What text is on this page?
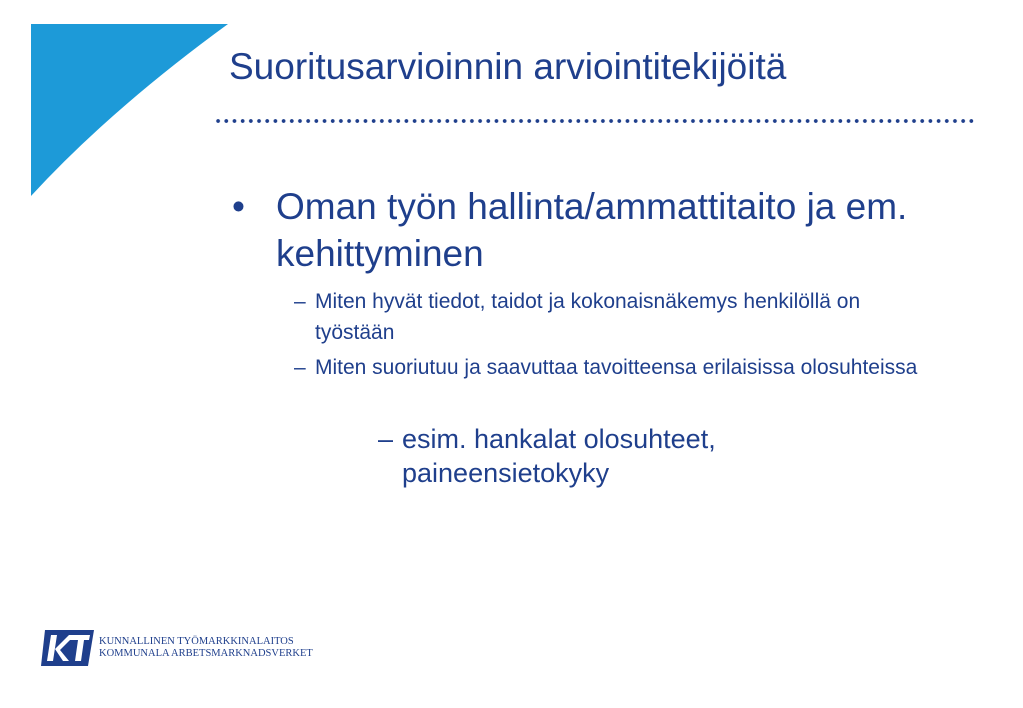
Suoritusarvioinnin arviointitekijöitä
• Oman työn hallinta/ammattitaito ja em. kehittyminen
– Miten hyvät tiedot, taidot ja kokonaisnäkemys henkilöllä on työstään
– Miten suoriutuu ja saavuttaa tavoitteensa erilaisissa olosuhteissa
– esim. hankalat olosuhteet, paineensietokyky
KUNNALLINEN TYÖMARKKINALAITOS
KOMMUNALA ARBETSMARKNADSVERKET
